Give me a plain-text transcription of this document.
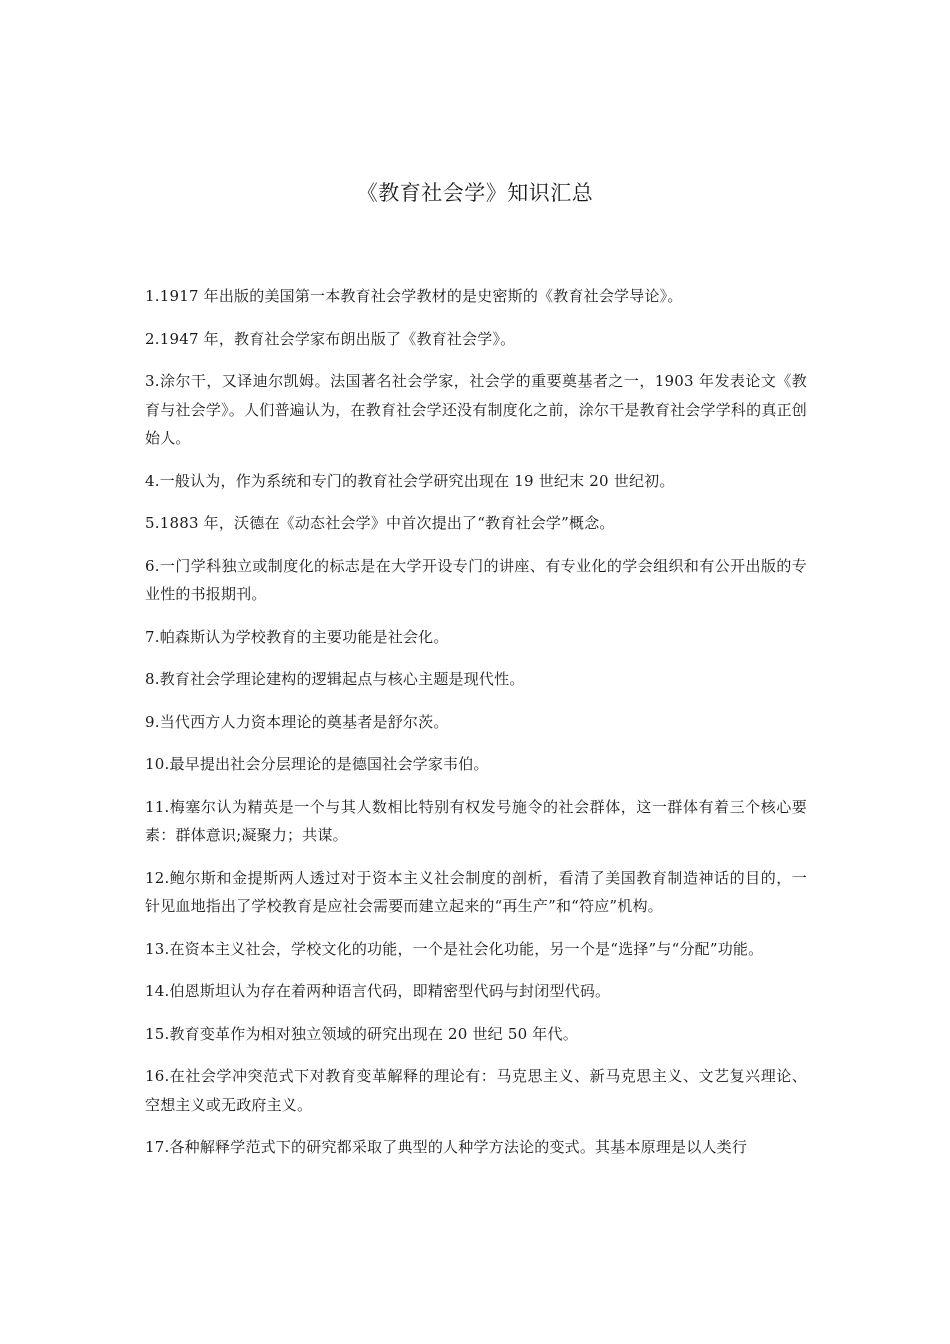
《教育社会学》知识汇总

1.1917 年出版的美国第一本教育社会学教材的是史密斯的《教育社会学导论》。

2.1947 年，教育社会学家布朗出版了《教育社会学》。

3.涂尔干，又译迪尔凯姆。法国著名社会学家，社会学的重要奠基者之一，1903 年发表论文《教育与社会学》。人们普遍认为，在教育社会学还没有制度化之前，涂尔干是教育社会学学科的真正创始人。

4.一般认为，作为系统和专门的教育社会学研究出现在 19 世纪末 20 世纪初。

5.1883 年，沃德在《动态社会学》中首次提出了“教育社会学”概念。

6.一门学科独立或制度化的标志是在大学开设专门的讲座、有专业化的学会组织和有公开出版的专业性的书报期刊。

7.帕森斯认为学校教育的主要功能是社会化。

8.教育社会学理论建构的逻辑起点与核心主题是现代性。

9.当代西方人力资本理论的奠基者是舒尔茨。

10.最早提出社会分层理论的是德国社会学家韦伯。

11.梅塞尔认为精英是一个与其人数相比特别有权发号施令的社会群体，这一群体有着三个核心要素：群体意识;凝聚力；共谋。

12.鲍尔斯和金提斯两人透过对于资本主义社会制度的剖析，看清了美国教育制造神话的目的，一针见血地指出了学校教育是应社会需要而建立起来的“再生产”和“符应”机构。

13.在资本主义社会，学校文化的功能，一个是社会化功能，另一个是“选择”与“分配”功能。

14.伯恩斯坦认为存在着两种语言代码，即精密型代码与封闭型代码。

15.教育变革作为相对独立领域的研究出现在 20 世纪 50 年代。

16.在社会学冲突范式下对教育变革解释的理论有：马克思主义、新马克思主义、文艺复兴理论、空想主义或无政府主义。

17.各种解释学范式下的研究都采取了典型的人种学方法论的变式。其基本原理是以人类行
